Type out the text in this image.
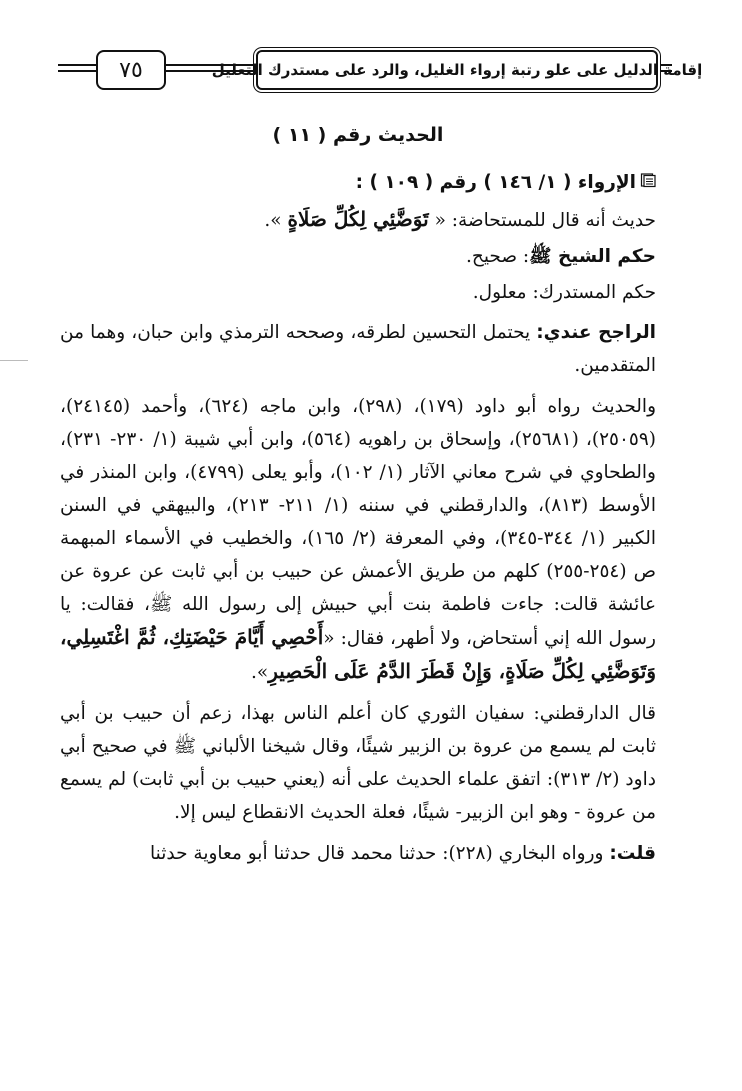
إقامة الدليل على علو رتبة إرواء الغليل، والرد على مستدرك التعليل
٧٥
الحديث رقم ( ١١ )
الإرواء ( ١/ ١٤٦ ) رقم ( ١٠٩ ) :
حديث أنه قال للمستحاضة: « تَوَضَّئِي لِكُلِّ صَلَاةٍ ».
حكم الشيخ ﷺ: صحيح.
حكم المستدرك: معلول.
الراجح عندي: يحتمل التحسين لطرقه، وصححه الترمذي وابن حبان، وهما من المتقدمين.
والحديث رواه أبو داود (١٧٩)، (٢٩٨)، وابن ماجه (٦٢٤)، وأحمد (٢٤١٤٥)، (٢٥٠٥٩)، (٢٥٦٨١)، وإسحاق بن راهويه (٥٦٤)، وابن أبي شيبة (١/ ٢٣٠- ٢٣١)، والطحاوي في شرح معاني الآثار (١/ ١٠٢)، وأبو يعلى (٤٧٩٩)، وابن المنذر في الأوسط (٨١٣)، والدارقطني في سننه (١/ ٢١١- ٢١٣)، والبيهقي في السنن الكبير (١/ ٣٤٤-٣٤٥)، وفي المعرفة (٢/ ١٦٥)، والخطيب في الأسماء المبهمة ص (٢٥٤-٢٥٥) كلهم من طريق الأعمش عن حبيب بن أبي ثابت عن عروة عن عائشة قالت: جاءت فاطمة بنت أبي حبيش إلى رسول الله ﷺ، فقالت: يا رسول الله إني أستحاض، ولا أطهر، فقال: «أَحْصِي أَيَّامَ حَيْضَتِكِ، ثُمَّ اغْتَسِلِي، وَتَوَضَّئِي لِكُلِّ صَلَاةٍ، وَإِنْ قَطَرَ الدَّمُ عَلَى الْحَصِيرِ».
قال الدارقطني: سفيان الثوري كان أعلم الناس بهذا، زعم أن حبيب بن أبي ثابت لم يسمع من عروة بن الزبير شيئًا، وقال شيخنا الألباني ﷺ في صحيح أبي داود (٢/ ٣١٣): اتفق علماء الحديث على أنه (يعني حبيب بن أبي ثابت) لم يسمع من عروة - وهو ابن الزبير- شيئًا، فعلة الحديث الانقطاع ليس إلا.
قلت: ورواه البخاري (٢٢٨): حدثنا محمد قال حدثنا أبو معاوية حدثنا
